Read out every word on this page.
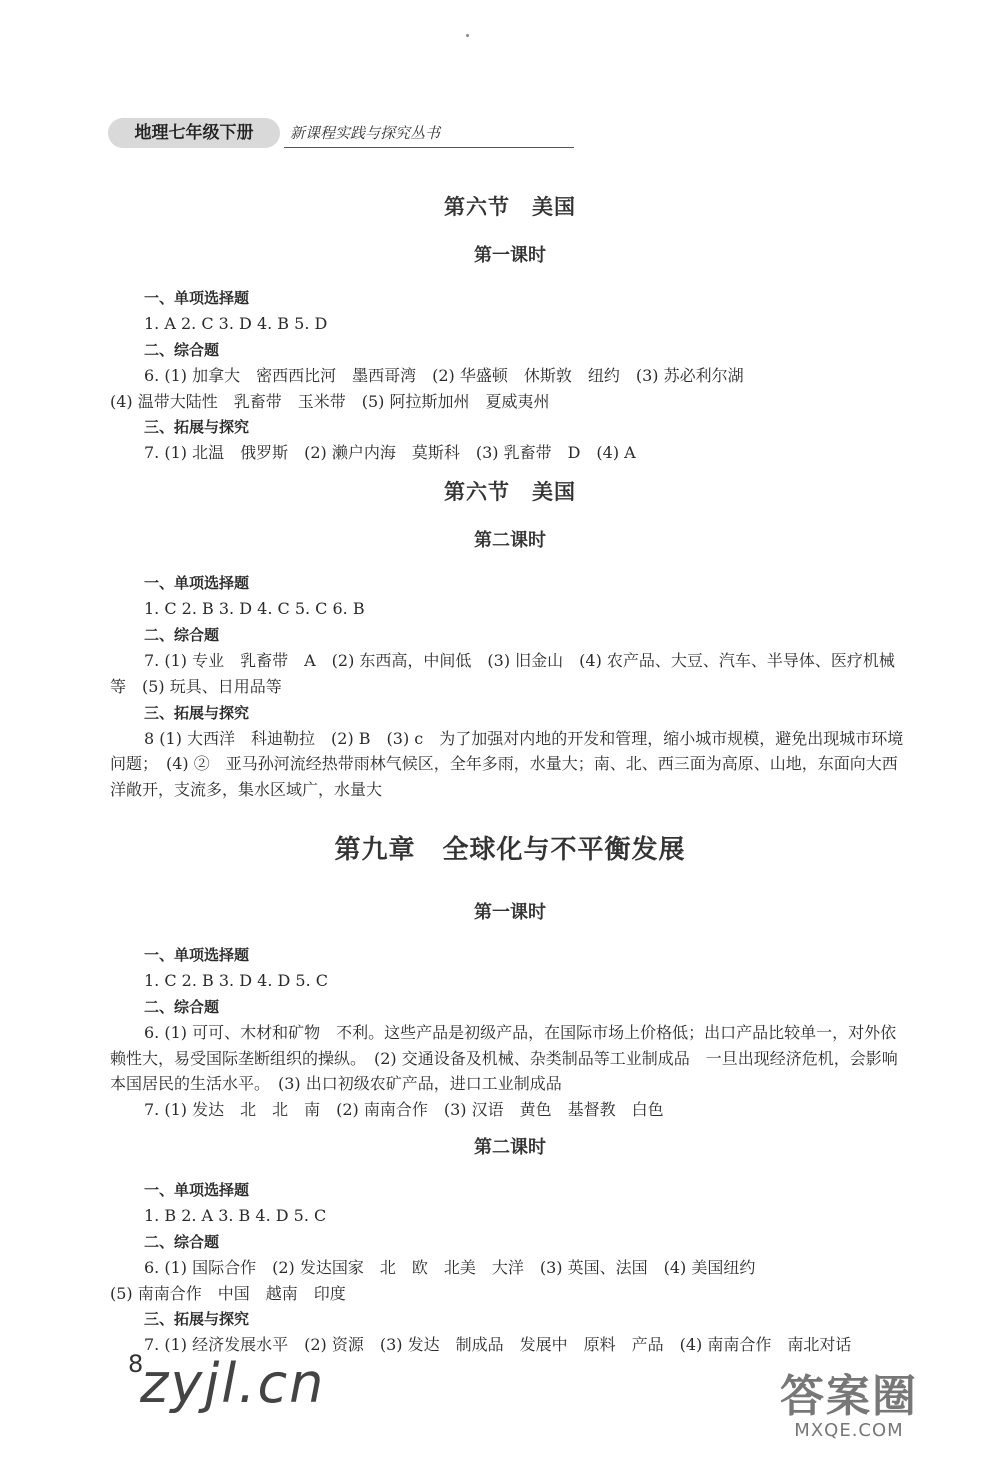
地理七年级下册	新课程实践与探究丛书
第六节　美国
第一课时
一、单项选择题
1. A 2. C 3. D 4. B 5. D
二、综合题
6. (1) 加拿大　密西西比河　墨西哥湾　(2) 华盛顿　休斯敦　纽约　(3) 苏必利尔湖
(4) 温带大陆性　乳畜带　玉米带　(5) 阿拉斯加州　夏威夷州
三、拓展与探究
7. (1) 北温　俄罗斯　(2) 濑户内海　莫斯科　(3) 乳畜带　D　(4) A
第六节　美国
第二课时
一、单项选择题
1. C 2. B 3. D 4. C 5. C 6. B
二、综合题
7. (1) 专业　乳畜带　A　(2) 东西高，中间低　(3) 旧金山　(4) 农产品、大豆、汽车、半导体、医疗机械等　(5) 玩具、日用品等
三、拓展与探究
8 (1) 大西洋　科迪勒拉　(2) B　(3) c　为了加强对内地的开发和管理，缩小城市规模，避免出现城市环境问题；　(4) ②　亚马孙河流经热带雨林气候区，全年多雨，水量大；南、北、西三面为高原、山地，东面向大西洋敞开，支流多，集水区域广，水量大
第九章　全球化与不平衡发展
第一课时
一、单项选择题
1. C 2. B 3. D 4. D 5. C
二、综合题
6. (1) 可可、木材和矿物　不利。这些产品是初级产品，在国际市场上价格低；出口产品比较单一，对外依赖性大，易受国际垄断组织的操纵。　(2) 交通设备及机械、杂类制品等工业制成品　一旦出现经济危机，会影响本国居民的生活水平。　(3) 出口初级农矿产品，进口工业制成品
7. (1) 发达　北　北　南　(2) 南南合作　(3) 汉语　黄色　基督教　白色
第二课时
一、单项选择题
1. B 2. A 3. B 4. D 5. C
二、综合题
6. (1) 国际合作　(2) 发达国家　北　欧　北美　大洋　(3) 英国、法国　(4) 美国纽约
(5) 南南合作　中国　越南　印度
三、拓展与探究
7. (1) 经济发展水平　(2) 资源　(3) 发达　制成品　发展中　原料　产品　(4) 南南合作　南北对话
8
zyjl.cn	答案圈
MXQE.COM
